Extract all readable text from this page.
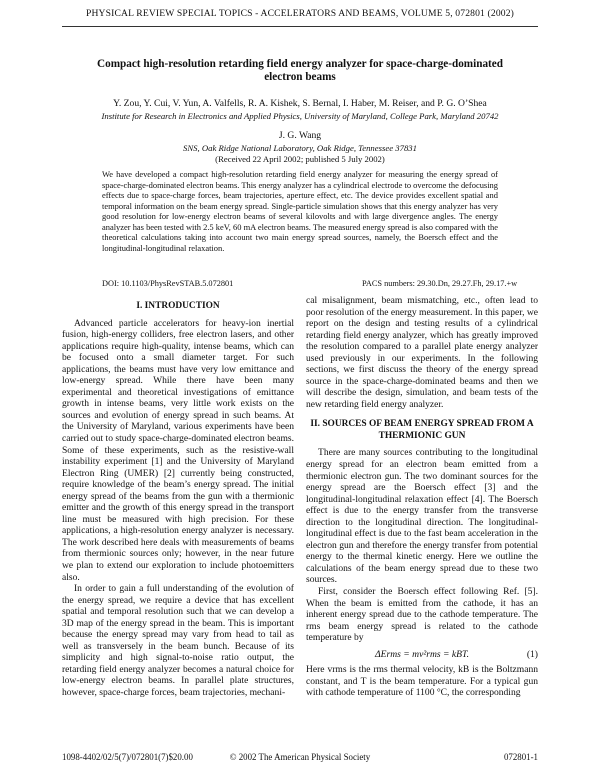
PHYSICAL REVIEW SPECIAL TOPICS - ACCELERATORS AND BEAMS, VOLUME 5, 072801 (2002)
Compact high-resolution retarding field energy analyzer for space-charge-dominated electron beams
Y. Zou, Y. Cui, V. Yun, A. Valfells, R. A. Kishek, S. Bernal, I. Haber, M. Reiser, and P. G. O’Shea
Institute for Research in Electronics and Applied Physics, University of Maryland, College Park, Maryland 20742
J. G. Wang
SNS, Oak Ridge National Laboratory, Oak Ridge, Tennessee 37831
(Received 22 April 2002; published 5 July 2002)
We have developed a compact high-resolution retarding field energy analyzer for measuring the energy spread of space-charge-dominated electron beams. This energy analyzer has a cylindrical electrode to overcome the defocusing effects due to space-charge forces, beam trajectories, aperture effect, etc. The device provides excellent spatial and temporal information on the beam energy spread. Single-particle simulation shows that this energy analyzer has very good resolution for low-energy electron beams of several kilovolts and with large divergence angles. The energy analyzer has been tested with 2.5 keV, 60 mA electron beams. The measured energy spread is also compared with the theoretical calculations taking into account two main energy spread sources, namely, the Boersch effect and the longitudinal-longitudinal relaxation.
DOI: 10.1103/PhysRevSTAB.5.072801	PACS numbers: 29.30.Dn, 29.27.Fh, 29.17.+w
I. INTRODUCTION

Advanced particle accelerators for heavy-ion inertial fusion, high-energy colliders, free electron lasers, and other applications require high-quality, intense beams, which can be focused onto a small diameter target. For such applications, the beams must have very low emittance and low-energy spread. While there have been many experimental and theoretical investigations of emittance growth in intense beams, very little work exists on the sources and evolution of energy spread in such beams. At the University of Maryland, various experiments have been carried out to study space-charge-dominated electron beams. Some of these experiments, such as the resistive-wall instability experiment [1] and the University of Maryland Electron Ring (UMER) [2] currently being constructed, require knowledge of the beam’s energy spread. The initial energy spread of the beams from the gun with a thermionic emitter and the growth of this energy spread in the transport line must be measured with high precision. For these applications, a high-resolution energy analyzer is necessary. The work described here deals with measurements of beams from thermionic sources only; however, in the near future we plan to extend our exploration to include photoemitters also.

In order to gain a full understanding of the evolution of the energy spread, we require a device that has excellent spatial and temporal resolution such that we can develop a 3D map of the energy spread in the beam. This is important because the energy spread may vary from head to tail as well as transversely in the beam bunch. Because of its simplicity and high signal-to-noise ratio output, the retarding field energy analyzer becomes a natural choice for low-energy electron beams. In parallel plate structures, however, space-charge forces, beam trajectories, mechani-

cal misalignment, beam mismatching, etc., often lead to poor resolution of the energy measurement. In this paper, we report on the design and testing results of a cylindrical retarding field energy analyzer, which has greatly improved the resolution compared to a parallel plate energy analyzer used previously in our experiments. In the following sections, we first discuss the theory of the energy spread source in the space-charge-dominated beams and then we will describe the design, simulation, and beam tests of the new retarding field energy analyzer.

II. SOURCES OF BEAM ENERGY SPREAD FROM A THERMIONIC GUN

There are many sources contributing to the longitudinal energy spread for an electron beam emitted from a thermionic electron gun. The two dominant sources for the energy spread are the Boersch effect [3] and the longitudinal-longitudinal relaxation effect [4]. The Boersch effect is due to the energy transfer from the transverse direction to the longitudinal direction. The longitudinal-longitudinal effect is due to the fast beam acceleration in the electron gun and therefore the energy transfer from potential energy to the thermal kinetic energy. Here we outline the calculations of the beam energy spread due to these two sources.

First, consider the Boersch effect following Ref. [5]. When the beam is emitted from the cathode, it has an inherent energy spread due to the cathode temperature. The rms beam energy spread is related to the cathode temperature by

ΔErms = mv²rms = kBT.	(1)

Here vrms is the rms thermal velocity, kB is the Boltzmann constant, and T is the beam temperature. For a typical gun with cathode temperature of 1100 °C, the corresponding

1098-4402/02/5(7)/072801(7)$20.00	© 2002 The American Physical Society	072801-1
